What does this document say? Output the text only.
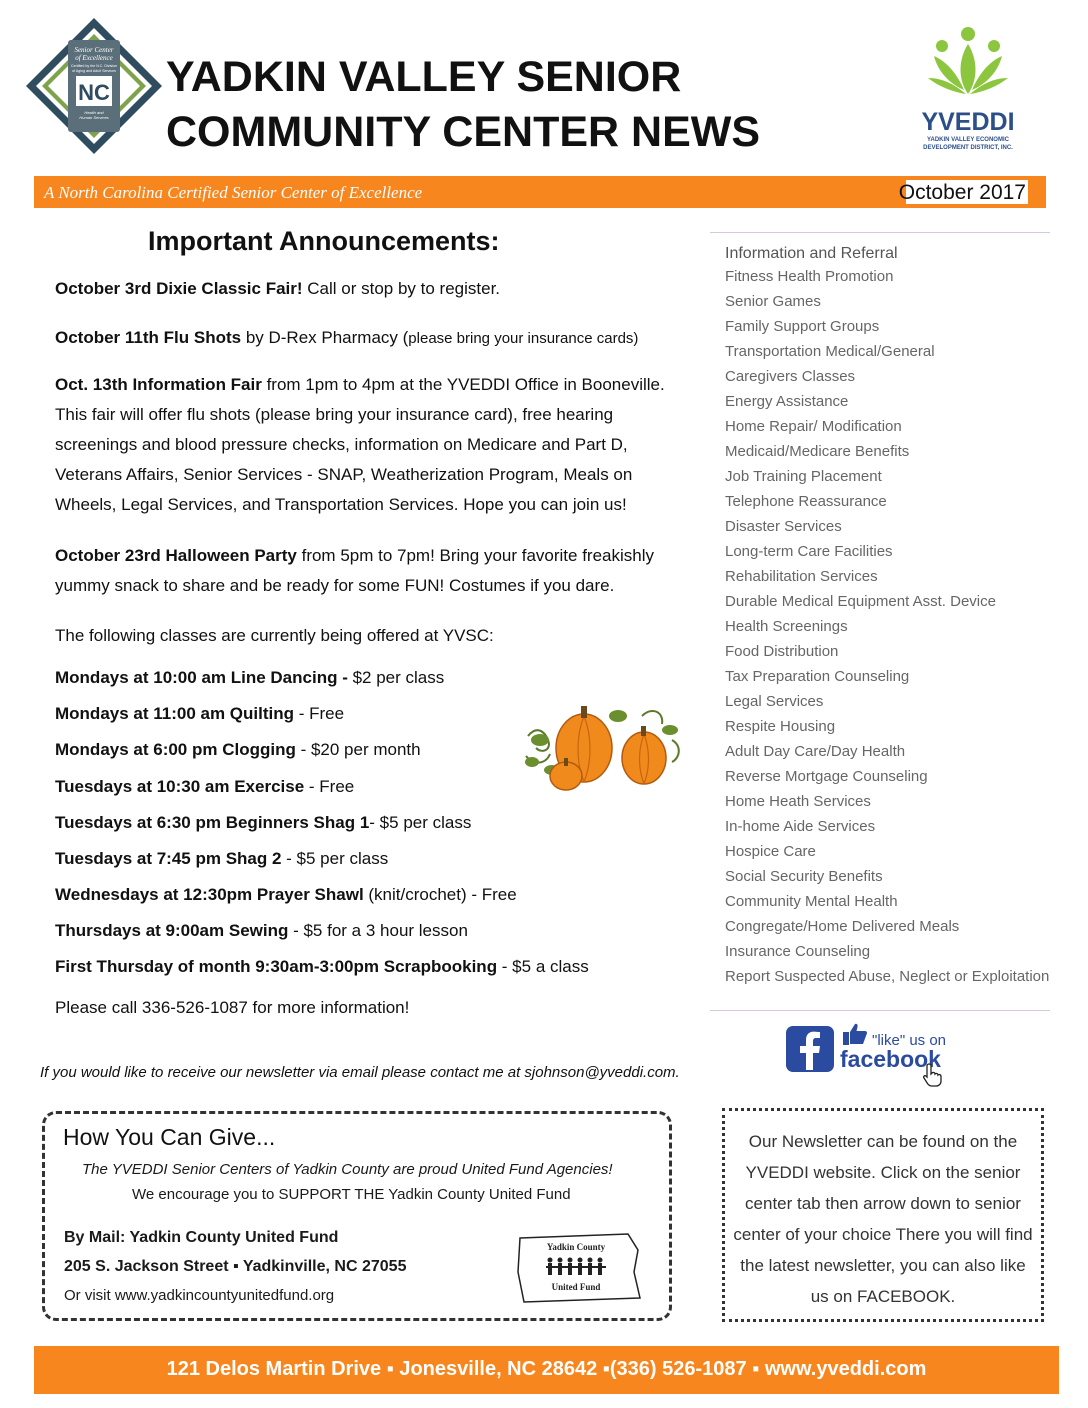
Senior Center
of Excellence
Certified by the N.C. Division
of Aging and Adult Services
NC
Health and
Human Services
YADKIN VALLEY SENIOR
COMMUNITY CENTER NEWS	YVEDDI
YADKIN VALLEY ECONOMIC
DEVELOPMENT DISTRICT, INC.
A North Carolina Certified Senior Center of Excellence	October 2017
Important Announcements:
October 3rd Dixie Classic Fair! Call or stop by to register.
October 11th Flu Shots by D-Rex Pharmacy (please bring your insurance cards)
Oct. 13th Information Fair from 1pm to 4pm at the YVEDDI Office in Booneville. This fair will offer flu shots (please bring your insurance card), free hearing screenings and blood pressure checks, information on Medicare and Part D, Veterans Affairs, Senior Services - SNAP, Weatherization Program, Meals on Wheels, Legal Services, and Transportation Services. Hope you can join us!
October 23rd Halloween Party from 5pm to 7pm! Bring your favorite freakishly yummy snack to share and be ready for some FUN! Costumes if you dare.
The following classes are currently being offered at YVSC:
Mondays at 10:00 am Line Dancing - $2 per class
Mondays at 11:00 am Quilting - Free
Mondays at 6:00 pm Clogging - $20 per month
Tuesdays at 10:30 am Exercise - Free
Tuesdays at 6:30 pm Beginners Shag 1- $5 per class
Tuesdays at 7:45 pm Shag 2 - $5 per class
Wednesdays at 12:30pm Prayer Shawl (knit/crochet) - Free
Thursdays at 9:00am Sewing - $5 for a 3 hour lesson
First Thursday of month 9:30am-3:00pm Scrapbooking - $5 a class
Please call 336-526-1087 for more information!
If you would like to receive our newsletter via email please contact me at sjohnson@yveddi.com.
How You Can Give...
The YVEDDI Senior Centers of Yadkin County are proud United Fund Agencies!
We encourage you to SUPPORT THE Yadkin County United Fund
By Mail: Yadkin County United Fund
205 S. Jackson Street ▪ Yadkinville, NC 27055
Or visit www.yadkincountyunitedfund.org
Yadkin County
United Fund
Information and Referral
Fitness Health Promotion
Senior Games
Family Support Groups
Transportation Medical/General
Caregivers Classes
Energy Assistance
Home Repair/ Modification
Medicaid/Medicare Benefits
Job Training Placement
Telephone Reassurance
Disaster Services
Long-term Care Facilities
Rehabilitation Services
Durable Medical Equipment Asst. Device
Health Screenings
Food Distribution
Tax Preparation Counseling
Legal Services
Respite Housing
Adult Day Care/Day Health
Reverse Mortgage Counseling
Home Heath Services
In-home Aide Services
Hospice Care
Social Security Benefits
Community Mental Health
Congregate/Home Delivered Meals
Insurance Counseling
Report Suspected Abuse, Neglect or Exploitation
"like" us on
facebook
Our Newsletter can be found on the YVEDDI website. Click on the senior center tab then arrow down to senior center of your choice There you will find the latest newsletter, you can also like us on FACEBOOK.
121 Delos Martin Drive ▪ Jonesville, NC 28642 ▪(336) 526-1087 ▪ www.yveddi.com
